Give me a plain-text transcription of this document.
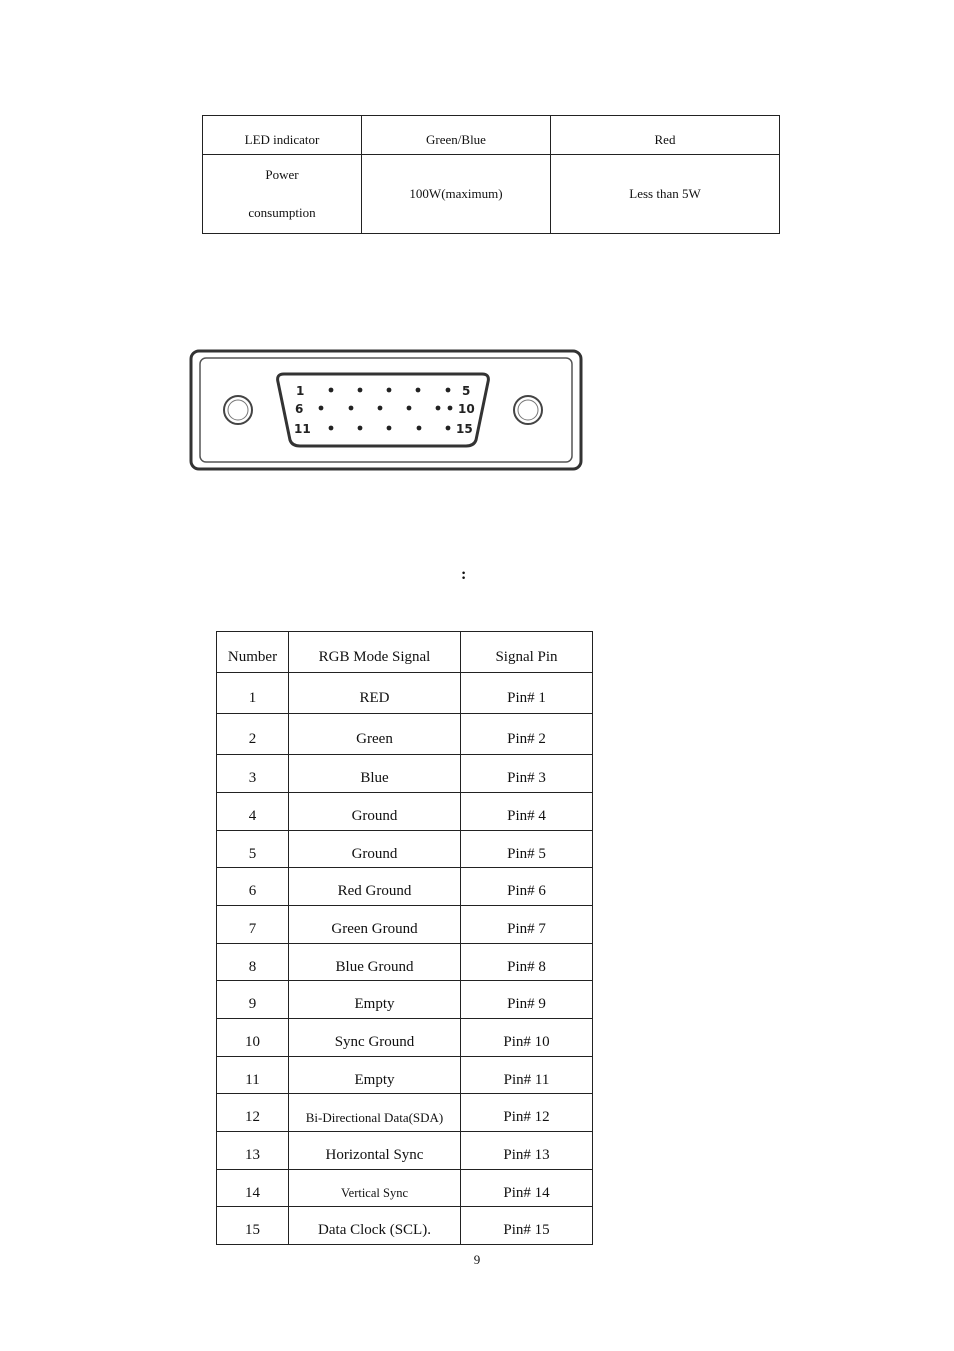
LED indicator	Green/Blue	Red

Power
consumption	100W(maximum)	Less than 5W
1	5
6	10
11	15
:
Number	RGB Mode Signal	Signal Pin
1	RED	Pin# 1
2	Green	Pin# 2
3	Blue	Pin# 3
4	Ground	Pin# 4
5	Ground	Pin# 5
6	Red Ground	Pin# 6
7	Green Ground	Pin# 7
8	Blue Ground	Pin# 8
9	Empty	Pin# 9
10	Sync Ground	Pin# 10
11	Empty	Pin# 11
12	Bi-Directional Data(SDA)	Pin# 12
13	Horizontal Sync	Pin# 13
14	Vertical Sync	Pin# 14
15	Data Clock (SCL).	Pin# 15
9
